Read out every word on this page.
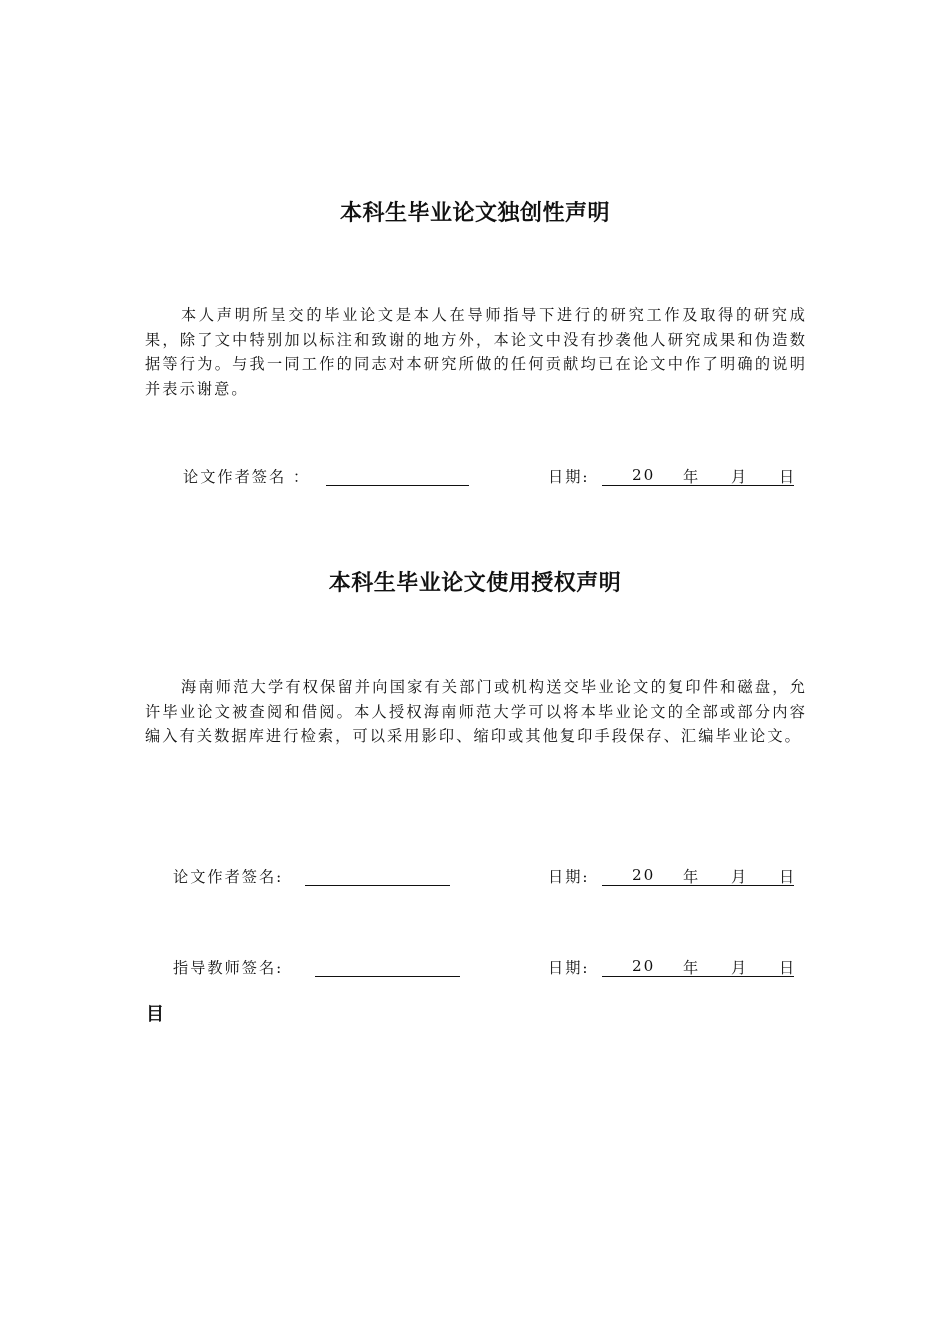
本科生毕业论文独创性声明

本人声明所呈交的毕业论文是本人在导师指导下进行的研究工作及取得的研究成果，除了文中特别加以标注和致谢的地方外，本论文中没有抄袭他人研究成果和伪造数据等行为。与我一同工作的同志对本研究所做的任何贡献均已在论文中作了明确的说明并表示谢意。

论文作者签名 ：	日期:	20 年 月 日
本科生毕业论文使用授权声明

海南师范大学有权保留并向国家有关部门或机构送交毕业论文的复印件和磁盘，允许毕业论文被查阅和借阅。本人授权海南师范大学可以将本毕业论文的全部或部分内容编入有关数据库进行检索，可以采用影印、缩印或其他复印手段保存、汇编毕业论文。

论文作者签名:	日期:	20 年 月 日
指导教师签名:	日期:	20 年 月 日
目
